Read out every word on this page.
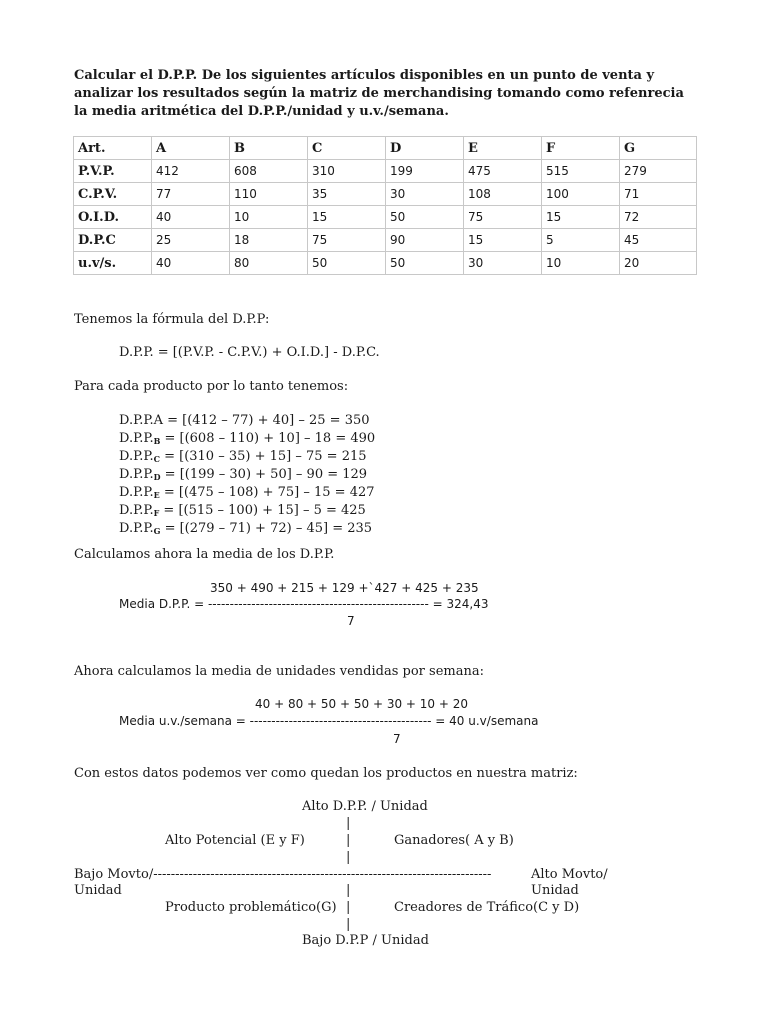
Calcular el D.P.P. De los siguientes artículos disponibles en un punto de venta y analizar los resultados según la matriz de merchandising tomando como refenrecia la media aritmética del D.P.P./unidad y u.v./semana.
Art.	A	B	C	D	E	F	G
P.V.P.	412	608	310	199	475	515	279
C.P.V.	77	110	35	30	108	100	71
O.I.D.	40	10	15	50	75	15	72
D.P.C	25	18	75	90	15	5	45
u.v/s.	40	80	50	50	30	10	20
Tenemos la fórmula del D.P.P:
D.P.P. = [(P.V.P. - C.P.V.) + O.I.D.] - D.P.C.
Para cada producto por lo tanto tenemos:
D.P.P.A = [(412 – 77) + 40] – 25 = 350
D.P.P.B = [(608 – 110) + 10] – 18 = 490
D.P.P.C = [(310 – 35) + 15] – 75 = 215
D.P.P.D = [(199 – 30) + 50] – 90 = 129
D.P.P.E = [(475 – 108) + 75] – 15 = 427
D.P.P.F = [(515 – 100) + 15] – 5 = 425
D.P.P.G = [(279 – 71) + 72) – 45] = 235
Calculamos ahora la media de los D.P.P.
350 + 490 + 215 + 129 +`427 + 425 + 235
Media D.P.P. = --------------------------------------------------- = 324,43
7
Ahora calculamos la media de unidades vendidas por semana:
40 + 80 + 50 + 50 + 30 + 10 + 20
Media u.v./semana = ------------------------------------------ = 40 u.v/semana
7
Con estos datos podemos ver como quedan los productos en nuestra matriz:
Alto D.P.P. / Unidad
|
Alto Potencial (E y F)	|	Ganadores( A y B)
|
Bajo Movto/-----------------------------------------------------------------------------	Alto Movto/
Unidad	|	Unidad
Producto problemático(G) |	Creadores de Tráfico(C y D)
|
Bajo D.P.P / Unidad
